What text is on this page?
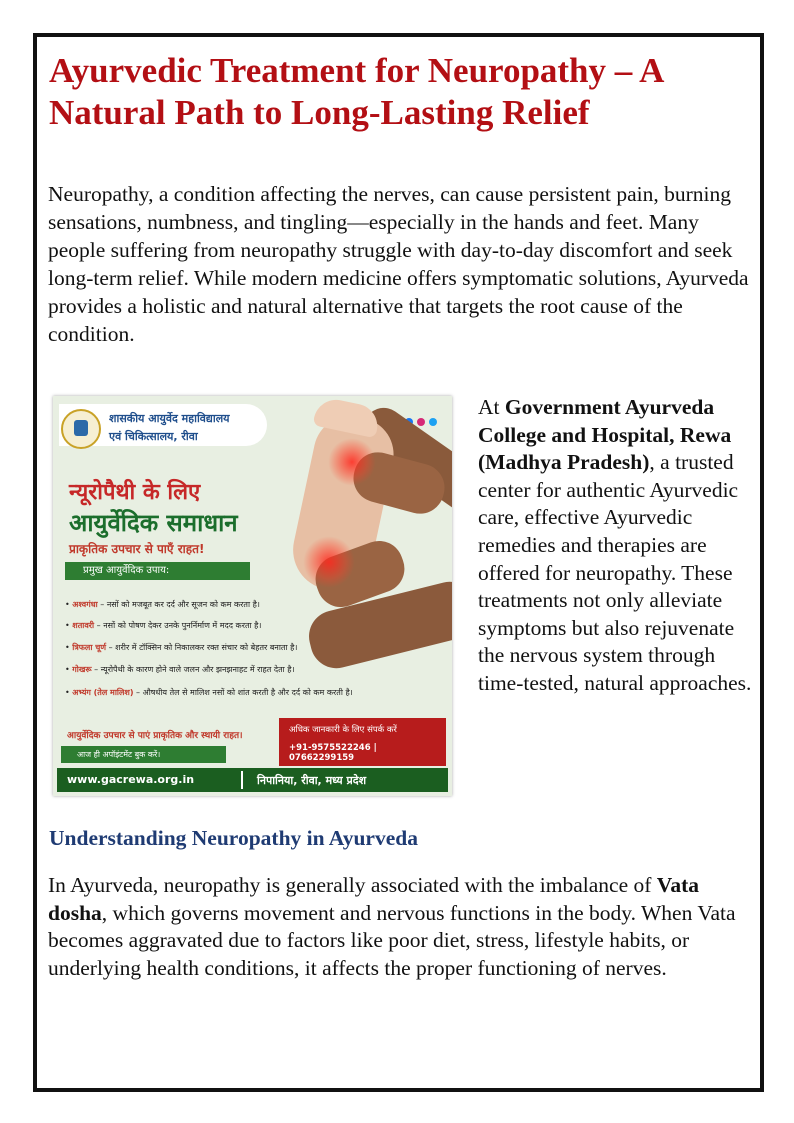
Ayurvedic Treatment for Neuropathy – A Natural Path to Long-Lasting Relief

Neuropathy, a condition affecting the nerves, can cause persistent pain, burning sensations, numbness, and tingling—especially in the hands and feet. Many people suffering from neuropathy struggle with day-to-day discomfort and seek long-term relief. While modern medicine offers symptomatic solutions, Ayurveda provides a holistic and natural alternative that targets the root cause of the condition.

शासकीय आयुर्वेद महाविद्यालय
एवं चिकित्सालय, रीवा
न्यूरोपैथी के लिए
आयुर्वेदिक समाधान
प्राकृतिक उपचार से पाएँ राहत!
प्रमुख आयुर्वेदिक उपाय:
• अश्वगंधा – नसों को मजबूत कर दर्द और सूजन को कम करता है।
• शतावरी – नसों को पोषण देकर उनके पुनर्निर्माण में मदद करता है।
• त्रिफला चूर्ण – शरीर में टॉक्सिन को निकालकर रक्त संचार को बेहतर बनाता है।
• गोखरू – न्यूरोपैथी के कारण होने वाले जलन और झनझनाहट में राहत देता है।
• अभ्यंग (तेल मालिश) – औषधीय तेल से मालिश नसों को शांत करती है और दर्द को कम करती है।
आयुर्वेदिक उपचार से पाएं प्राकृतिक और स्थायी राहत।
आज ही अपॉइंटमेंट बुक करें।
अधिक जानकारी के लिए संपर्क करें
+91-9575522246 | 07662299159
www.gacrewa.org.in	निपानिया, रीवा, मध्य प्रदेश

At Government Ayurveda College and Hospital, Rewa (Madhya Pradesh), a trusted center for authentic Ayurvedic care, effective Ayurvedic remedies and therapies are offered for neuropathy. These treatments not only alleviate symptoms but also rejuvenate the nervous system through time-tested, natural approaches.

Understanding Neuropathy in Ayurveda

In Ayurveda, neuropathy is generally associated with the imbalance of Vata dosha, which governs movement and nervous functions in the body. When Vata becomes aggravated due to factors like poor diet, stress, lifestyle habits, or underlying health conditions, it affects the proper functioning of nerves.
